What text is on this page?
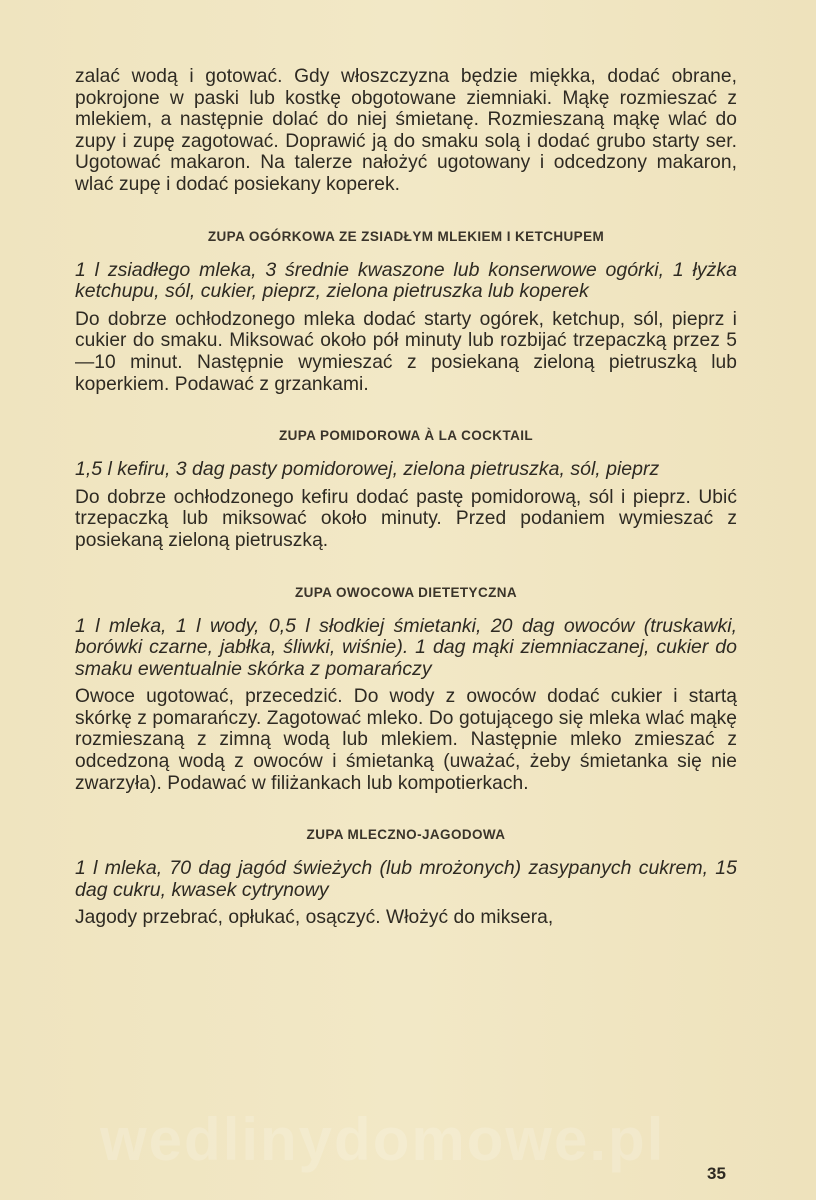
zalać wodą i gotować. Gdy włoszczyzna będzie miękka, dodać obrane, pokrojone w paski lub kostkę obgotowane ziemniaki. Mąkę rozmieszać z mlekiem, a następnie dolać do niej śmietanę. Rozmieszaną mąkę wlać do zupy i zupę zagotować. Doprawić ją do smaku solą i dodać grubo starty ser. Ugotować makaron. Na talerze nałożyć ugotowany i odcedzony makaron, wlać zupę i dodać posiekany koperek.

ZUPA OGÓRKOWA ZE ZSIADŁYM MLEKIEM I KETCHUPEM

1 l zsiadłego mleka, 3 średnie kwaszone lub konserwowe ogórki, 1 łyżka ketchupu, sól, cukier, pieprz, zielona pietruszka lub koperek

Do dobrze ochłodzonego mleka dodać starty ogórek, ketchup, sól, pieprz i cukier do smaku. Miksować około pół minuty lub rozbijać trzepaczką przez 5—10 minut. Następnie wymieszać z posiekaną zieloną pietruszką lub koperkiem. Podawać z grzankami.

ZUPA POMIDOROWA À LA COCKTAIL

1,5 l kefiru, 3 dag pasty pomidorowej, zielona pietruszka, sól, pieprz

Do dobrze ochłodzonego kefiru dodać pastę pomidorową, sól i pieprz. Ubić trzepaczką lub miksować około minuty. Przed podaniem wymieszać z posiekaną zieloną pietruszką.

ZUPA OWOCOWA DIETETYCZNA

1 l mleka, 1 l wody, 0,5 l słodkiej śmietanki, 20 dag owoców (truskawki, borówki czarne, jabłka, śliwki, wiśnie). 1 dag mąki ziemniaczanej, cukier do smaku ewentualnie skórka z pomarańczy

Owoce ugotować, przecedzić. Do wody z owoców dodać cukier i startą skórkę z pomarańczy. Zagotować mleko. Do gotującego się mleka wlać mąkę rozmieszaną z zimną wodą lub mlekiem. Następnie mleko zmieszać z odcedzoną wodą z owoców i śmietanką (uważać, żeby śmietanka się nie zwarzyła). Podawać w filiżankach lub kompotierkach.

ZUPA MLECZNO-JAGODOWA

1 l mleka, 70 dag jagód świeżych (lub mrożonych) zasypanych cukrem, 15 dag cukru, kwasek cytrynowy

Jagody przebrać, opłukać, osączyć. Włożyć do miksera,

wedlinydomowe.pl
35
